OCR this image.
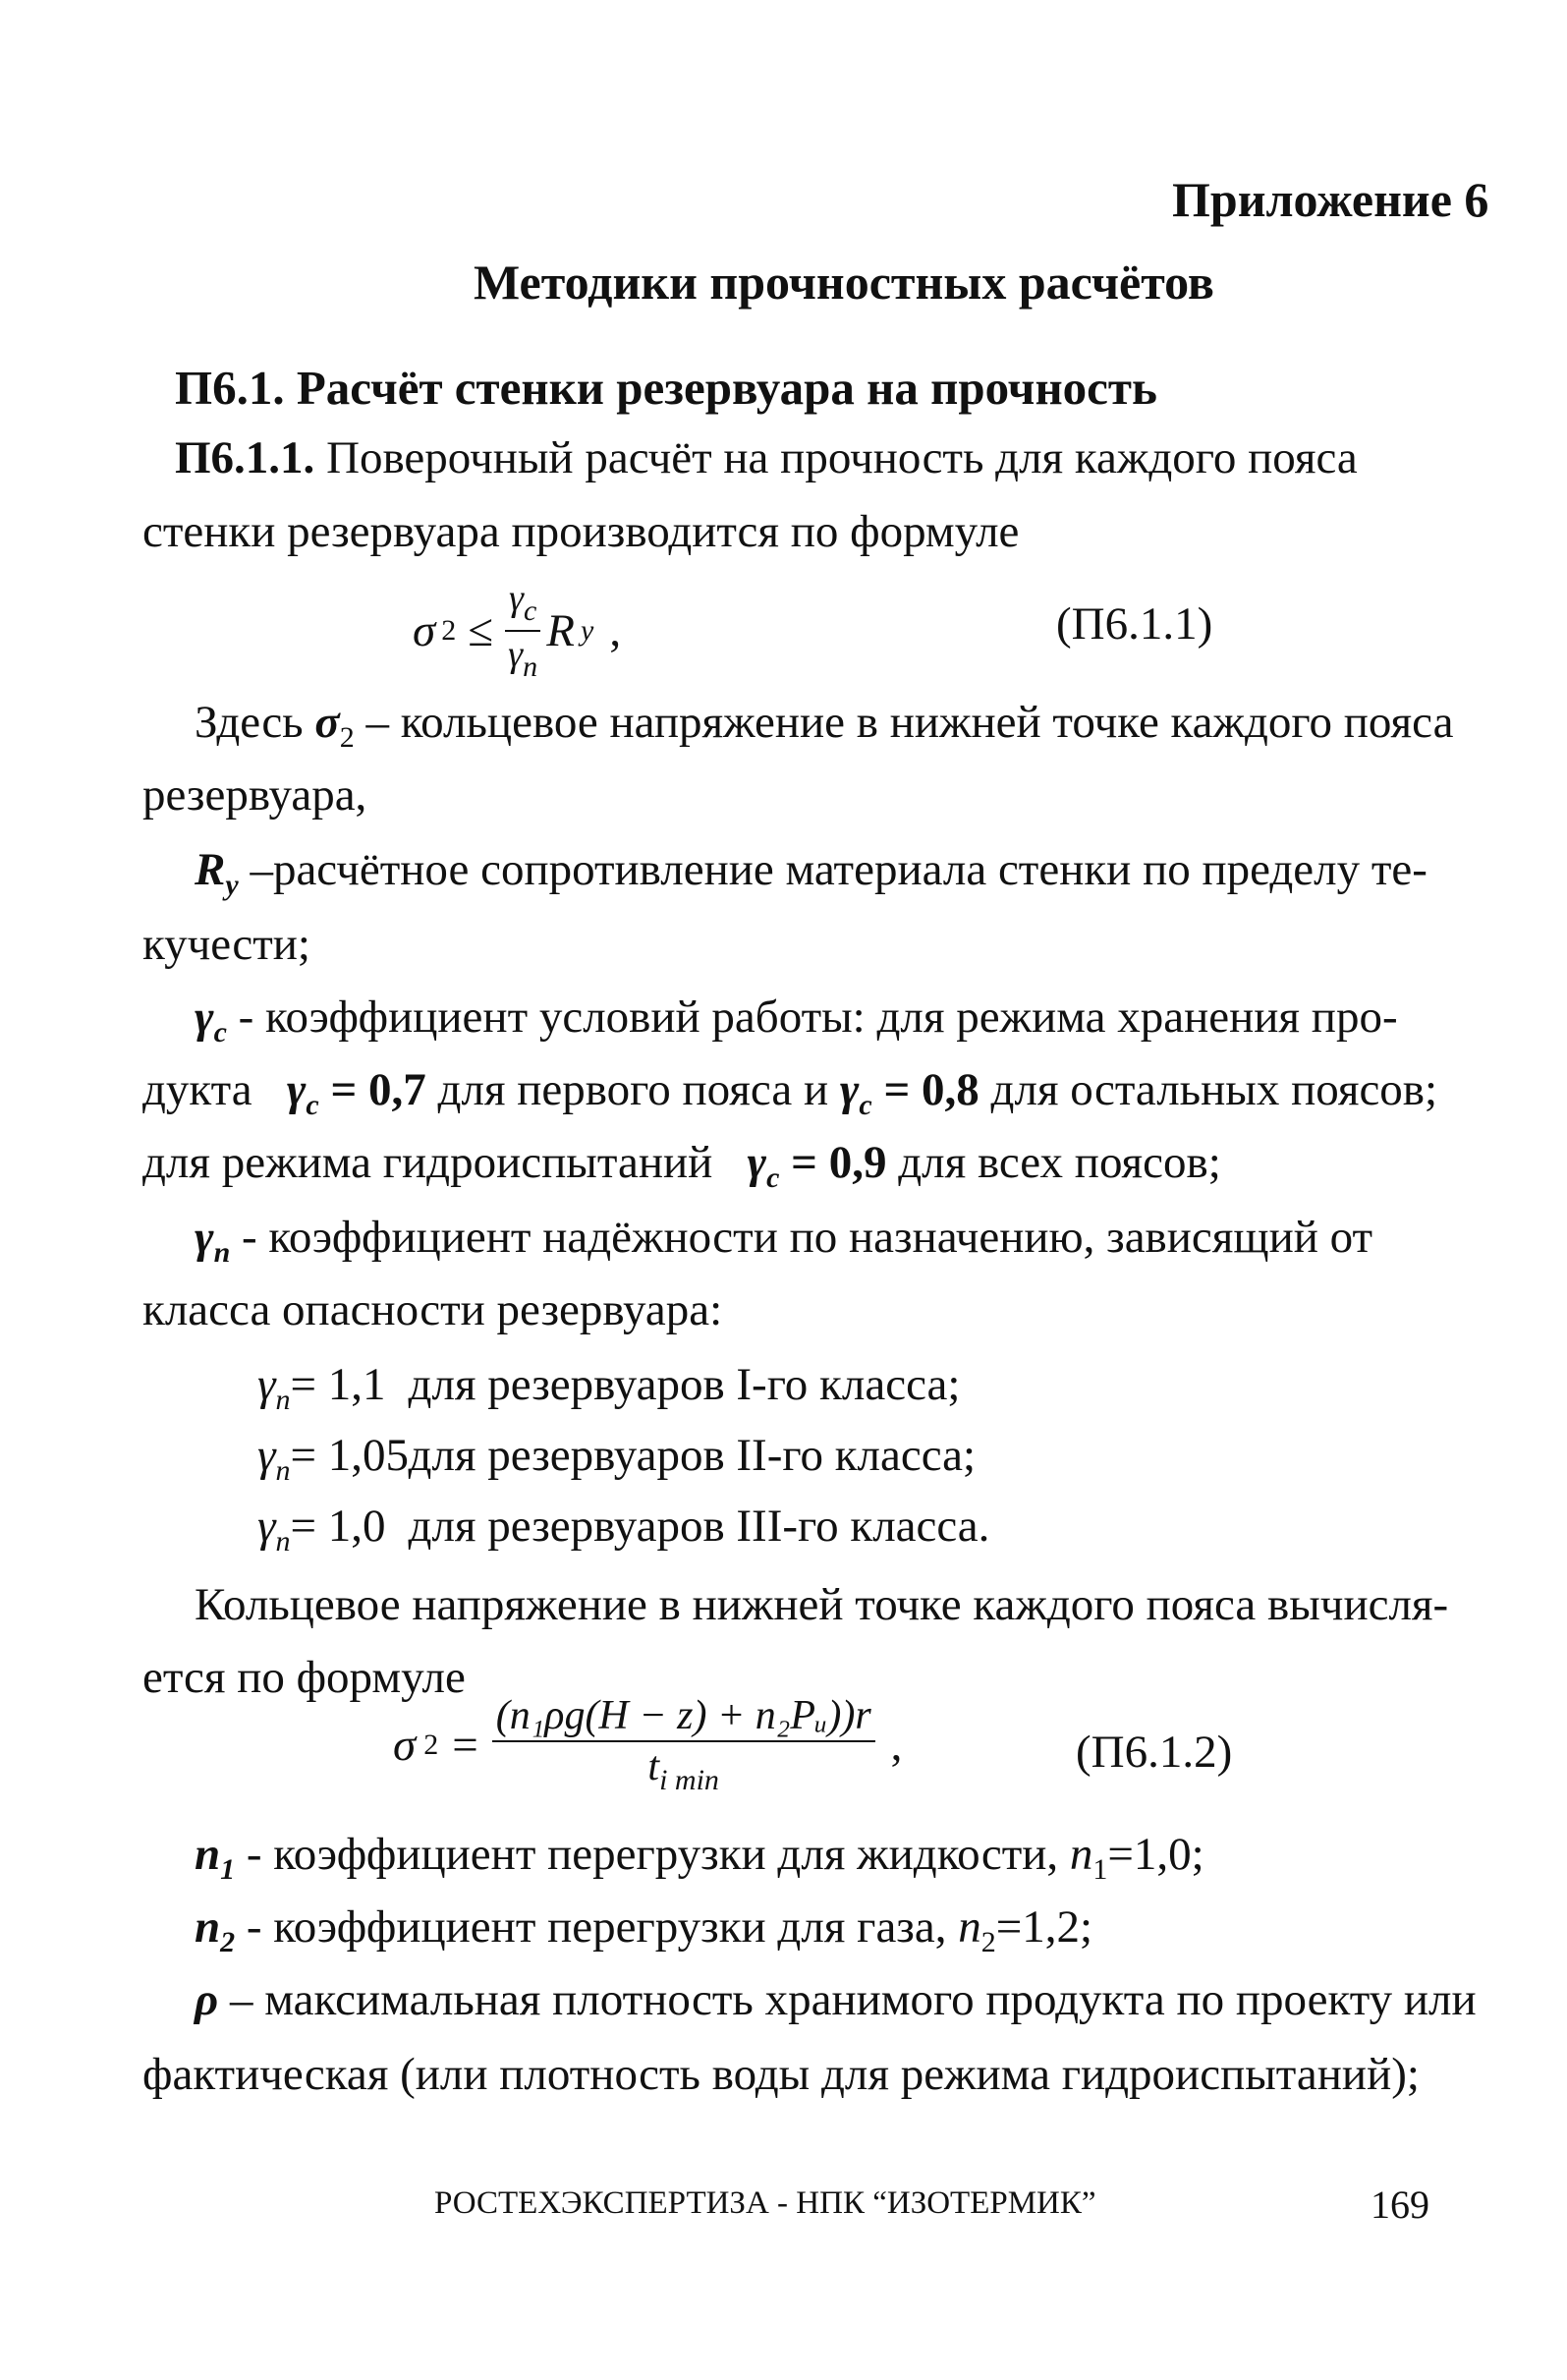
Приложение 6
Методики прочностных расчётов
П6.1. Расчёт стенки резервуара на прочность
П6.1.1. Поверочный расчёт на прочность для каждого пояса
стенки резервуара производится по формуле
σ $2 \le \frac{\gamma_c}{\gamma_n}$ R y ,	(П6.1.1)
Здесь $\sigma_2$ – кольцевое напряжение в нижней точке каждого пояса
резервуара,
$R_y$ –расчётное сопротивление материала стенки по пределу те-
кучести;
$\gamma_c$ - коэффициент условий работы: для режима хранения про-
дукта $\gamma_c = 0,7$ для первого пояса и $\gamma_c = 0,8$ для остальных поясов;
для режима гидроиспытаний $\gamma_c = 0,9$ для всех поясов;
$\gamma_n$ - коэффициент надёжности по назначению, зависящий от
класса опасности резервуара:
$\gamma_n= 1,1$ для резервуаров I-го класса;
$\gamma_n= 1,05для$ резервуаров II-го класса;
$\gamma_n= 1,0$ для резервуаров III-го класса.
Кольцевое напряжение в нижней точке каждого пояса вычисля-
ется по формуле
σ $2 = \frac{\text{(n₁ρg(H − z) + n₂Pᵤ))r}}{t_{i min}}$ ,	(П6.1.2)
$n_1$ - коэффициент перегрузки для жидкости, $n_1=1,0$;
$n_2$ - коэффициент перегрузки для газа, $n_2=1,2$;
ρ – максимальная плотность хранимого продукта по проекту или
фактическая (или плотность воды для режима гидроиспытаний);
РОСТЕХЭКСПЕРТИЗА - НПК “ИЗОТЕРМИК”	169
